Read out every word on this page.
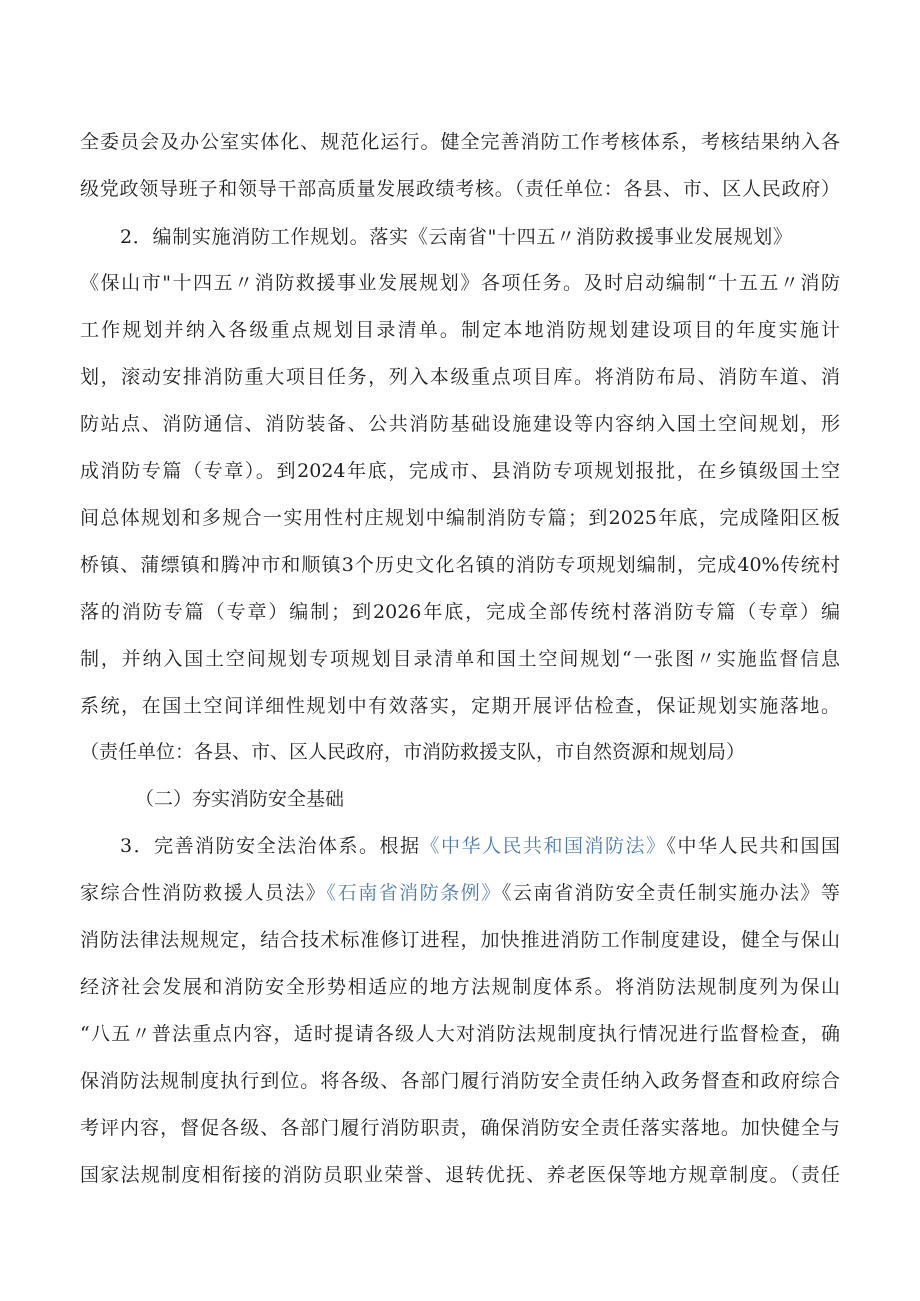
全委员会及办公室实体化、规范化运行。健全完善消防工作考核体系，考核结果纳入各
级党政领导班子和领导干部高质量发展政绩考核。（责任单位：各县、市、区人民政府）
2．编制实施消防工作规划。落实《云南省"十四五〃消防救援事业发展规划》
《保山市"十四五〃消防救援事业发展规划》各项任务。及时启动编制“十五五〃消防
工作规划并纳入各级重点规划目录清单。制定本地消防规划建设项目的年度实施计
划，滚动安排消防重大项目任务，列入本级重点项目库。将消防布局、消防车道、消
防站点、消防通信、消防装备、公共消防基础设施建设等内容纳入国土空间规划，形
成消防专篇（专章）。到2024年底，完成市、县消防专项规划报批，在乡镇级国土空
间总体规划和多规合一实用性村庄规划中编制消防专篇；到2025年底，完成隆阳区板
桥镇、蒲缥镇和腾冲市和顺镇3个历史文化名镇的消防专项规划编制，完成40%传统村
落的消防专篇（专章）编制；到2026年底，完成全部传统村落消防专篇（专章）编
制，并纳入国土空间规划专项规划目录清单和国土空间规划“一张图〃实施监督信息
系统，在国土空间详细性规划中有效落实，定期开展评估检查，保证规划实施落地。
（责任单位：各县、市、区人民政府，市消防救援支队，市自然资源和规划局）
（二）夯实消防安全基础
3．完善消防安全法治体系。根据《中华人民共和国消防法》《中华人民共和国国
家综合性消防救援人员法》《石南省消防条例》《云南省消防安全责任制实施办法》等
消防法律法规规定，结合技术标准修订进程，加快推进消防工作制度建设，健全与保山
经济社会发展和消防安全形势相适应的地方法规制度体系。将消防法规制度列为保山
“八五〃普法重点内容，适时提请各级人大对消防法规制度执行情况进行监督检查，确
保消防法规制度执行到位。将各级、各部门履行消防安全责任纳入政务督查和政府综合
考评内容，督促各级、各部门履行消防职责，确保消防安全责任落实落地。加快健全与
国家法规制度相衔接的消防员职业荣誉、退转优抚、养老医保等地方规章制度。（责任
